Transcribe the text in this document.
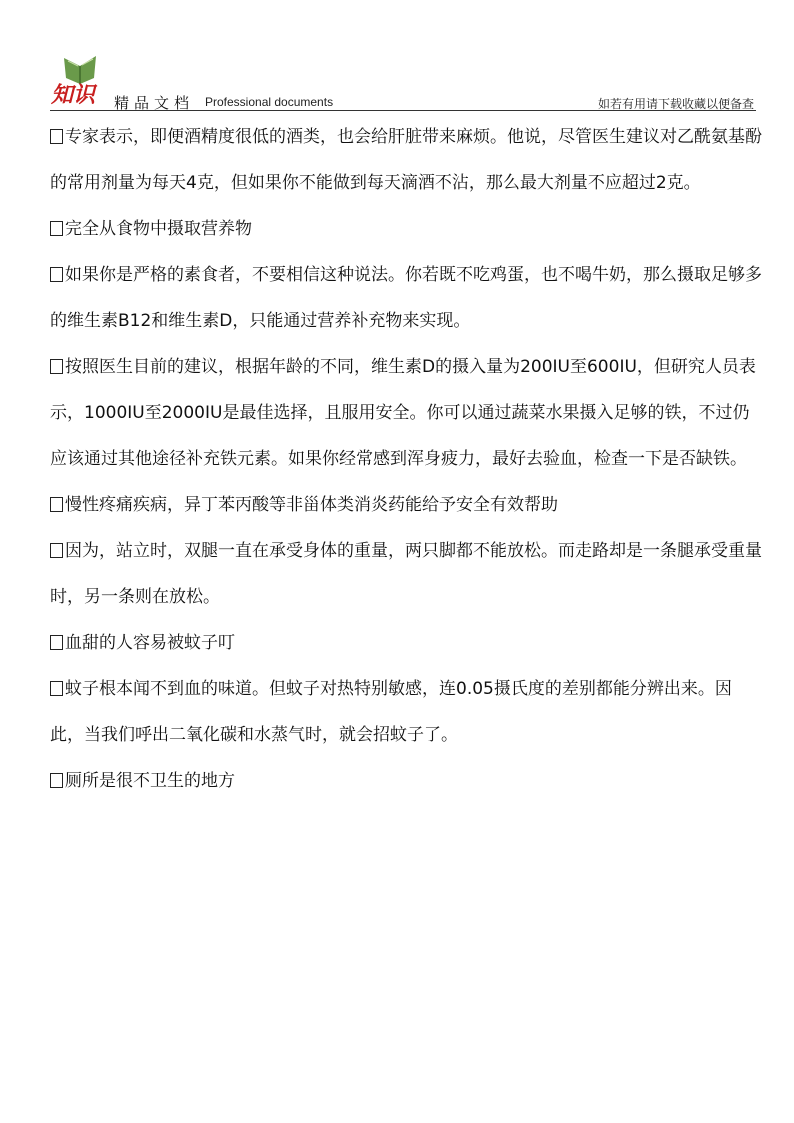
知识 精品文档 Professional documents	如若有用请下载收藏以便备查

专家表示，即便酒精度很低的酒类，也会给肝脏带来麻烦。他说，尽管医生建议对乙酰氨基酚的常用剂量为每天4克，但如果你不能做到每天滴酒不沾，那么最大剂量不应超过2克。

完全从食物中摄取营养物

如果你是严格的素食者，不要相信这种说法。你若既不吃鸡蛋，也不喝牛奶，那么摄取足够多的维生素B12和维生素D，只能通过营养补充物来实现。

按照医生目前的建议，根据年龄的不同，维生素D的摄入量为200IU至600IU，但研究人员表示，1000IU至2000IU是最佳选择，且服用安全。你可以通过蔬菜水果摄入足够的铁，不过仍应该通过其他途径补充铁元素。如果你经常感到浑身疲力，最好去验血，检查一下是否缺铁。

慢性疼痛疾病，异丁苯丙酸等非甾体类消炎药能给予安全有效帮助

因为，站立时，双腿一直在承受身体的重量，两只脚都不能放松。而走路却是一条腿承受重量时，另一条则在放松。

血甜的人容易被蚊子叮

蚊子根本闻不到血的味道。但蚊子对热特别敏感，连0.05摄氏度的差别都能分辨出来。因此，当我们呼出二氧化碳和水蒸气时，就会招蚊子了。

厕所是很不卫生的地方
